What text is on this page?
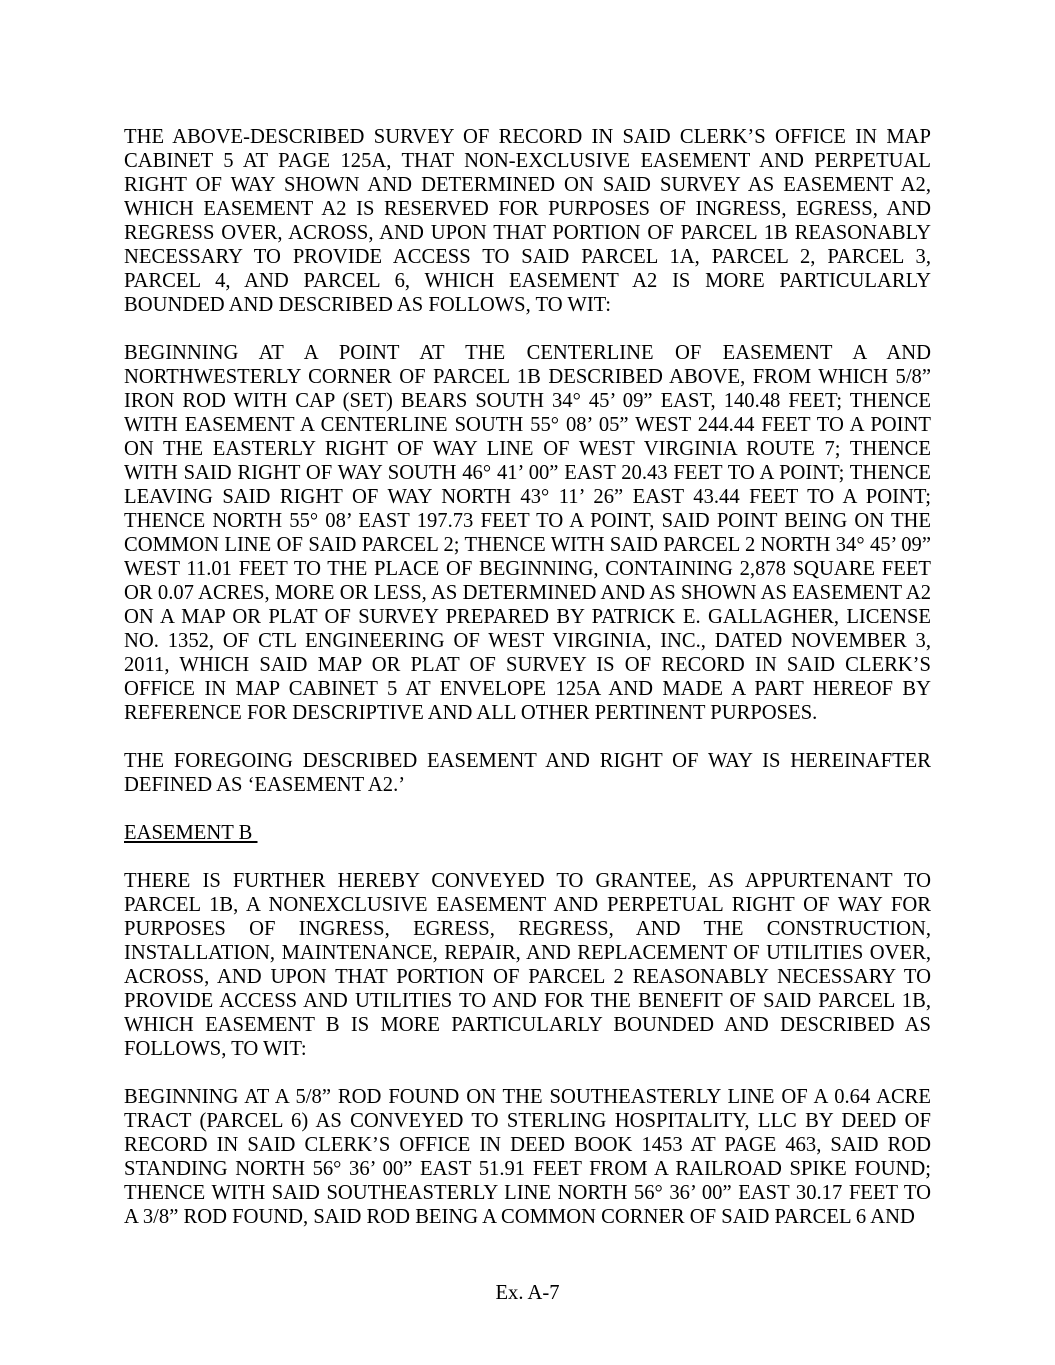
THE ABOVE-DESCRIBED SURVEY OF RECORD IN SAID CLERK’S OFFICE IN MAP CABINET 5 AT PAGE 125A, THAT NON-EXCLUSIVE EASEMENT AND PERPETUAL RIGHT OF WAY SHOWN AND DETERMINED ON SAID SURVEY AS EASEMENT A2, WHICH EASEMENT A2 IS RESERVED FOR PURPOSES OF INGRESS, EGRESS, AND REGRESS OVER, ACROSS, AND UPON THAT PORTION OF PARCEL 1B REASONABLY NECESSARY TO PROVIDE ACCESS TO SAID PARCEL 1A, PARCEL 2, PARCEL 3, PARCEL 4, AND PARCEL 6, WHICH EASEMENT A2 IS MORE PARTICULARLY BOUNDED AND DESCRIBED AS FOLLOWS, TO WIT:

BEGINNING AT A POINT AT THE CENTERLINE OF EASEMENT A AND NORTHWESTERLY CORNER OF PARCEL 1B DESCRIBED ABOVE, FROM WHICH 5/8” IRON ROD WITH CAP (SET) BEARS SOUTH 34° 45’ 09” EAST, 140.48 FEET; THENCE WITH EASEMENT A CENTERLINE SOUTH 55° 08’ 05” WEST 244.44 FEET TO A POINT ON THE EASTERLY RIGHT OF WAY LINE OF WEST VIRGINIA ROUTE 7; THENCE WITH SAID RIGHT OF WAY SOUTH 46° 41’ 00” EAST 20.43 FEET TO A POINT; THENCE LEAVING SAID RIGHT OF WAY NORTH 43° 11’ 26” EAST 43.44 FEET TO A POINT; THENCE NORTH 55° 08’ EAST 197.73 FEET TO A POINT, SAID POINT BEING ON THE COMMON LINE OF SAID PARCEL 2; THENCE WITH SAID PARCEL 2 NORTH 34° 45’ 09” WEST 11.01 FEET TO THE PLACE OF BEGINNING, CONTAINING 2,878 SQUARE FEET OR 0.07 ACRES, MORE OR LESS, AS DETERMINED AND AS SHOWN AS EASEMENT A2 ON A MAP OR PLAT OF SURVEY PREPARED BY PATRICK E. GALLAGHER, LICENSE NO. 1352, OF CTL ENGINEERING OF WEST VIRGINIA, INC., DATED NOVEMBER 3, 2011, WHICH SAID MAP OR PLAT OF SURVEY IS OF RECORD IN SAID CLERK’S OFFICE IN MAP CABINET 5 AT ENVELOPE 125A AND MADE A PART HEREOF BY REFERENCE FOR DESCRIPTIVE AND ALL OTHER PERTINENT PURPOSES.

THE FOREGOING DESCRIBED EASEMENT AND RIGHT OF WAY IS HEREINAFTER DEFINED AS ‘EASEMENT A2.’

EASEMENT B

THERE IS FURTHER HEREBY CONVEYED TO GRANTEE, AS APPURTENANT TO PARCEL 1B, A NONEXCLUSIVE EASEMENT AND PERPETUAL RIGHT OF WAY FOR PURPOSES OF INGRESS, EGRESS, REGRESS, AND THE CONSTRUCTION, INSTALLATION, MAINTENANCE, REPAIR, AND REPLACEMENT OF UTILITIES OVER, ACROSS, AND UPON THAT PORTION OF PARCEL 2 REASONABLY NECESSARY TO PROVIDE ACCESS AND UTILITIES TO AND FOR THE BENEFIT OF SAID PARCEL 1B, WHICH EASEMENT B IS MORE PARTICULARLY BOUNDED AND DESCRIBED AS FOLLOWS, TO WIT:

BEGINNING AT A 5/8” ROD FOUND ON THE SOUTHEASTERLY LINE OF A 0.64 ACRE TRACT (PARCEL 6) AS CONVEYED TO STERLING HOSPITALITY, LLC BY DEED OF RECORD IN SAID CLERK’S OFFICE IN DEED BOOK 1453 AT PAGE 463, SAID ROD STANDING NORTH 56° 36’ 00” EAST 51.91 FEET FROM A RAILROAD SPIKE FOUND; THENCE WITH SAID SOUTHEASTERLY LINE NORTH 56° 36’ 00” EAST 30.17 FEET TO A 3/8” ROD FOUND, SAID ROD BEING A COMMON CORNER OF SAID PARCEL 6 AND

Ex. A-7
